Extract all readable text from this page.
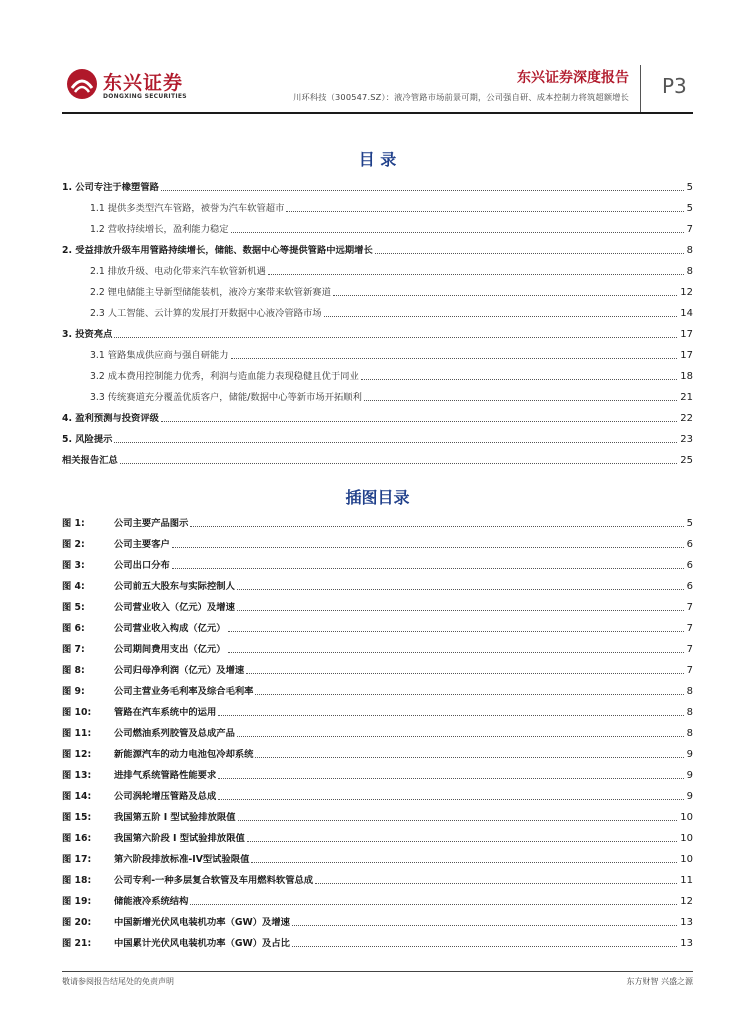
东兴证券
DONGXING SECURITIES
东兴证券深度报告
川环科技（300547.SZ）：液冷管路市场前景可期，公司强自研、成本控制力将筑超额增长 P3
目 录
1. 公司专注于橡塑管路	5
1.1 提供多类型汽车管路，被誉为汽车软管超市	5
1.2 营收持续增长，盈利能力稳定	7
2. 受益排放升级车用管路持续增长，储能、数据中心等提供管路中远期增长	8
2.1 排放升级、电动化带来汽车软管新机遇	8
2.2 锂电储能主导新型储能装机，液冷方案带来软管新赛道	12
2.3 人工智能、云计算的发展打开数据中心液冷管路市场	14
3. 投资亮点	17
3.1 管路集成供应商与强自研能力	17
3.2 成本费用控制能力优秀，利润与造血能力表现稳健且优于同业	18
3.3 传统赛道充分覆盖优质客户，储能/数据中心等新市场开拓顺利	21
4. 盈利预测与投资评级	22
5. 风险提示	23
相关报告汇总	25
插图目录
图 1:	公司主要产品图示	5
图 2:	公司主要客户	6
图 3:	公司出口分布	6
图 4:	公司前五大股东与实际控制人	6
图 5:	公司营业收入（亿元）及增速	7
图 6:	公司营业收入构成（亿元）	7
图 7:	公司期间费用支出（亿元）	7
图 8:	公司归母净利润（亿元）及增速	7
图 9:	公司主营业务毛利率及综合毛利率	8
图 10: 管路在汽车系统中的运用	8
图 11: 公司燃油系列胶管及总成产品	8
图 12: 新能源汽车的动力电池包冷却系统	9
图 13: 进排气系统管路性能要求	9
图 14: 公司涡轮增压管路及总成	9
图 15: 我国第五阶 I 型试验排放限值	10
图 16: 我国第六阶段 I 型试验排放限值	10
图 17: 第六阶段排放标准-IV型试验限值	10
图 18: 公司专利-一种多层复合软管及车用燃料软管总成	11
图 19: 储能液冷系统结构	12
图 20: 中国新增光伏风电装机功率（GW）及增速	13
图 21: 中国累计光伏风电装机功率（GW）及占比	13
敬请参阅报告结尾处的免责声明	东方财智 兴盛之源
